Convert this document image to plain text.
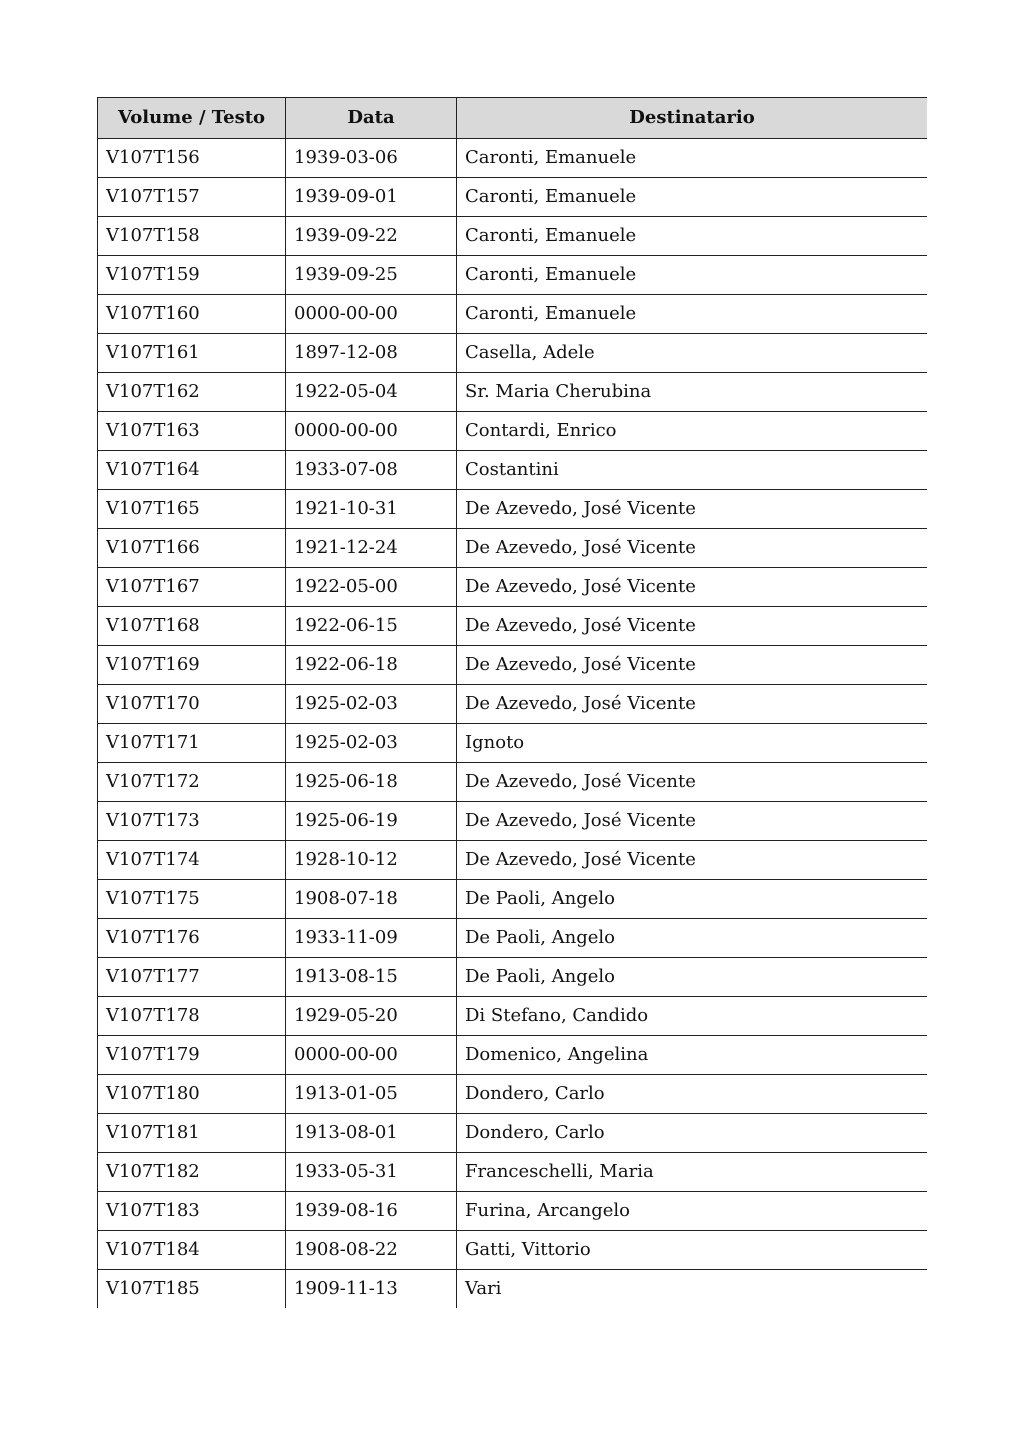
Volume / Testo	Data	Destinatario
V107T156	1939-03-06	Caronti, Emanuele
V107T157	1939-09-01	Caronti, Emanuele
V107T158	1939-09-22	Caronti, Emanuele
V107T159	1939-09-25	Caronti, Emanuele
V107T160	0000-00-00	Caronti, Emanuele
V107T161	1897-12-08	Casella, Adele
V107T162	1922-05-04	Sr. Maria Cherubina
V107T163	0000-00-00	Contardi, Enrico
V107T164	1933-07-08	Costantini
V107T165	1921-10-31	De Azevedo, José Vicente
V107T166	1921-12-24	De Azevedo, José Vicente
V107T167	1922-05-00	De Azevedo, José Vicente
V107T168	1922-06-15	De Azevedo, José Vicente
V107T169	1922-06-18	De Azevedo, José Vicente
V107T170	1925-02-03	De Azevedo, José Vicente
V107T171	1925-02-03	Ignoto
V107T172	1925-06-18	De Azevedo, José Vicente
V107T173	1925-06-19	De Azevedo, José Vicente
V107T174	1928-10-12	De Azevedo, José Vicente
V107T175	1908-07-18	De Paoli, Angelo
V107T176	1933-11-09	De Paoli, Angelo
V107T177	1913-08-15	De Paoli, Angelo
V107T178	1929-05-20	Di Stefano, Candido
V107T179	0000-00-00	Domenico, Angelina
V107T180	1913-01-05	Dondero, Carlo
V107T181	1913-08-01	Dondero, Carlo
V107T182	1933-05-31	Franceschelli, Maria
V107T183	1939-08-16	Furina, Arcangelo
V107T184	1908-08-22	Gatti, Vittorio
V107T185	1909-11-13	Vari
